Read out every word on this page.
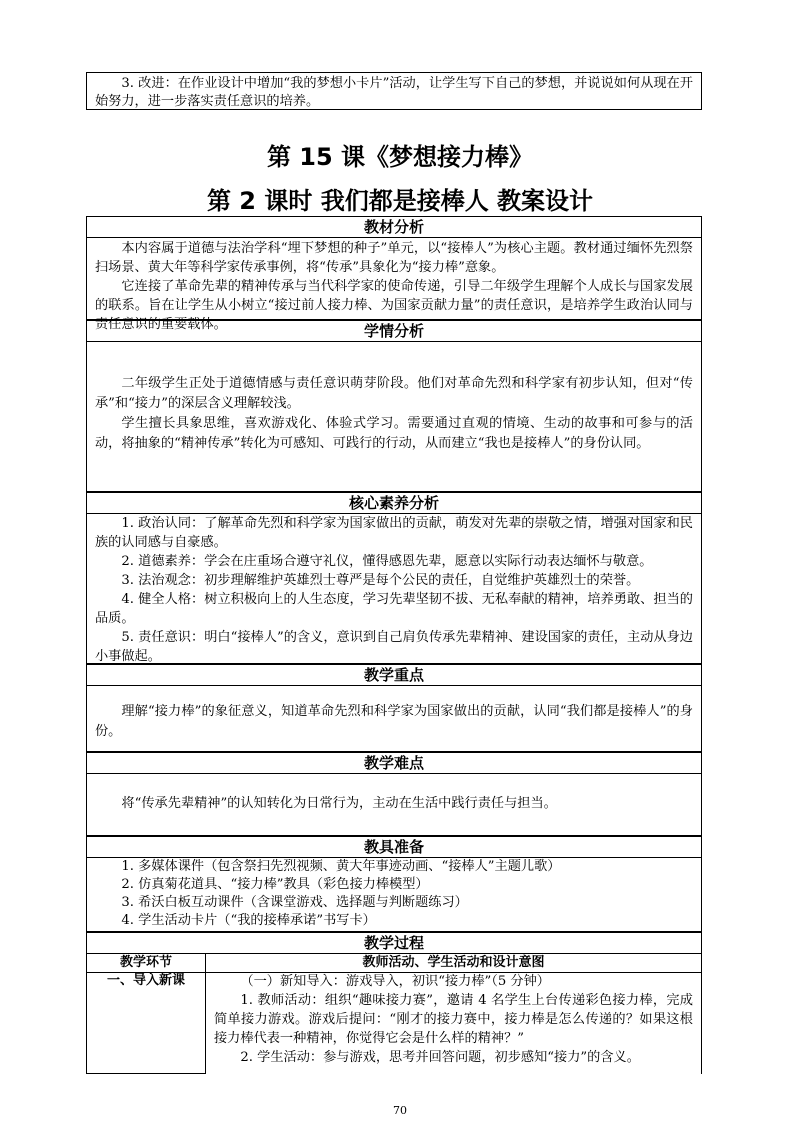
3. 改进：在作业设计中增加“我的梦想小卡片”活动，让学生写下自己的梦想，并说说如何从现在开始努力，进一步落实责任意识的培养。

第 15 课《梦想接力棒》
第 2 课时 我们都是接棒人 教案设计
教材分析

本内容属于道德与法治学科“埋下梦想的种子”单元，以“接棒人”为核心主题。教材通过缅怀先烈祭扫场景、黄大年等科学家传承事例，将“传承”具象化为“接力棒”意象。

它连接了革命先辈的精神传承与当代科学家的使命传递，引导二年级学生理解个人成长与国家发展的联系。旨在让学生从小树立“接过前人接力棒、为国家贡献力量”的责任意识，是培养学生政治认同与责任意识的重要载体。	学情分析

二年级学生正处于道德情感与责任意识萌芽阶段。他们对革命先烈和科学家有初步认知，但对“传承”和“接力”的深层含义理解较浅。

学生擅长具象思维，喜欢游戏化、体验式学习。需要通过直观的情境、生动的故事和可参与的活动，将抽象的“精神传承”转化为可感知、可践行的行动，从而建立“我也是接棒人”的身份认同。

核心素养分析

1. 政治认同：了解革命先烈和科学家为国家做出的贡献，萌发对先辈的崇敬之情，增强对国家和民族的认同感与自豪感。

2. 道德素养：学会在庄重场合遵守礼仪，懂得感恩先辈，愿意以实际行动表达缅怀与敬意。

3. 法治观念：初步理解维护英雄烈士尊严是每个公民的责任，自觉维护英雄烈士的荣誉。

4. 健全人格：树立积极向上的人生态度，学习先辈坚韧不拔、无私奉献的精神，培养勇敢、担当的品质。

5. 责任意识：明白“接棒人”的含义，意识到自己肩负传承先辈精神、建设国家的责任，主动从身边小事做起。

教学重点

理解“接力棒”的象征意义，知道革命先烈和科学家为国家做出的贡献，认同“我们都是接棒人”的身份。

教学难点

将“传承先辈精神”的认知转化为日常行为，主动在生活中践行责任与担当。

教具准备

1. 多媒体课件（包含祭扫先烈视频、黄大年事迹动画、“接棒人”主题儿歌）

2. 仿真菊花道具、“接力棒”教具（彩色接力棒模型）

3. 希沃白板互动课件（含课堂游戏、选择题与判断题练习）

4. 学生活动卡片（“我的接棒承诺”书写卡）

教学过程
教学环节	教师活动、学生活动和设计意图
一、导入新课	（一）新知导入：游戏导入，初识“接力棒”（5 分钟）

1. 教师活动：组织“趣味接力赛”，邀请 4 名学生上台传递彩色接力棒，完成简单接力游戏。游戏后提问：“刚才的接力赛中，接力棒是怎么传递的？如果这根接力棒代表一种精神，你觉得它会是什么样的精神？”

2. 学生活动：参与游戏，思考并回答问题，初步感知“接力”的含义。

70
